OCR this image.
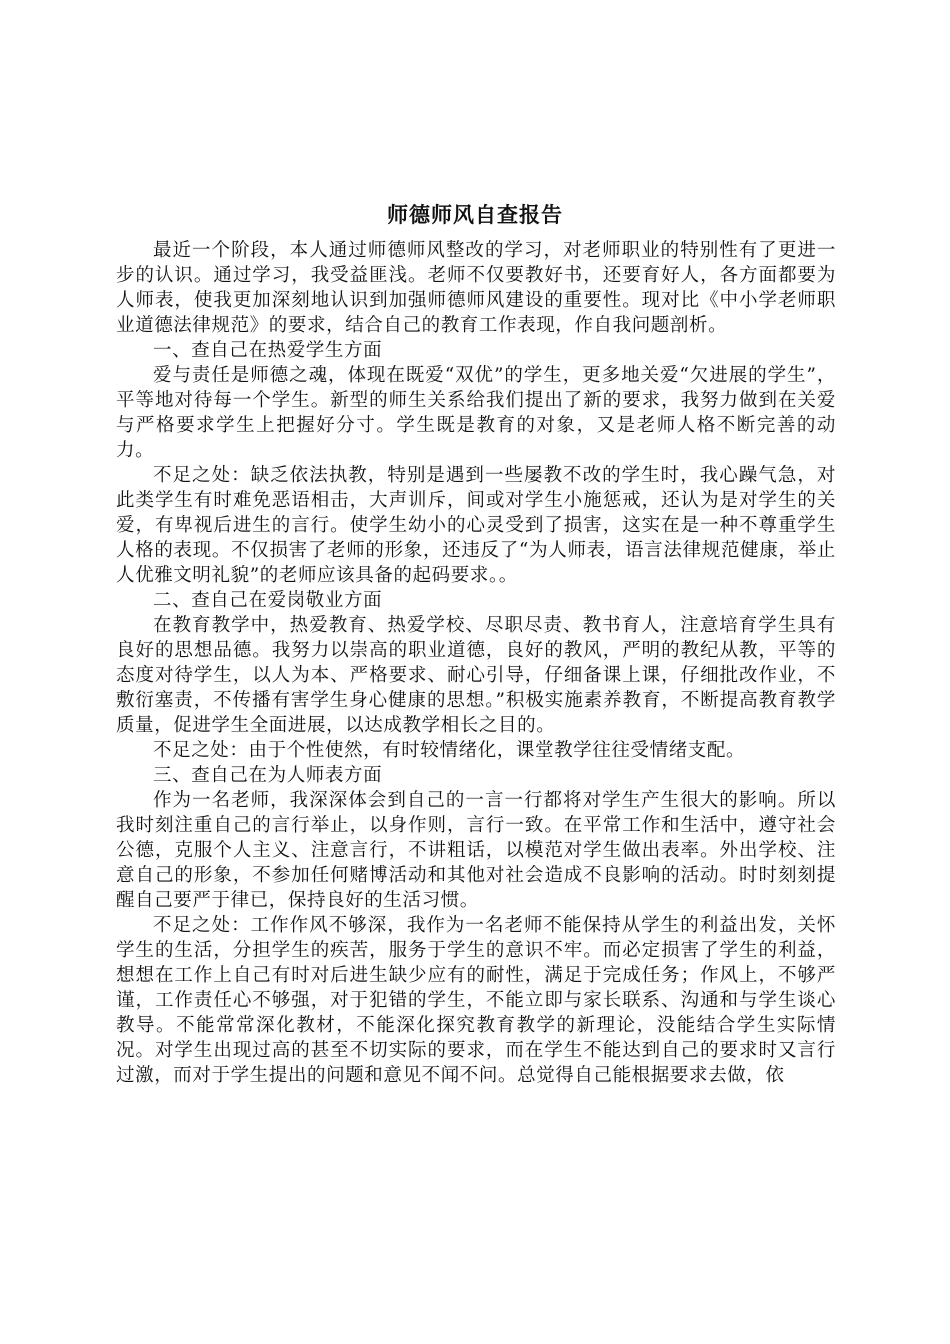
师德师风自查报告

最近一个阶段，本人通过师德师风整改的学习，对老师职业的特别性有了更进一步的认识。通过学习，我受益匪浅。老师不仅要教好书，还要育好人，各方面都要为人师表，使我更加深刻地认识到加强师德师风建设的重要性。现对比《中小学老师职业道德法律规范》的要求，结合自己的教育工作表现，作自我问题剖析。

一、查自己在热爱学生方面

爱与责任是师德之魂，体现在既爱“双优”的学生，更多地关爱“欠进展的学生”，平等地对待每一个学生。新型的师生关系给我们提出了新的要求，我努力做到在关爱与严格要求学生上把握好分寸。学生既是教育的对象，又是老师人格不断完善的动力。

不足之处：缺乏依法执教，特别是遇到一些屡教不改的学生时，我心躁气急，对此类学生有时难免恶语相击，大声训斥，间或对学生小施惩戒，还认为是对学生的关爱，有卑视后进生的言行。使学生幼小的心灵受到了损害，这实在是一种不尊重学生人格的表现。不仅损害了老师的形象，还违反了“为人师表，语言法律规范健康，举止人优雅文明礼貌”的老师应该具备的起码要求。。

二、查自己在爱岗敬业方面

在教育教学中，热爱教育、热爱学校、尽职尽责、教书育人，注意培育学生具有良好的思想品德。我努力以崇高的职业道德，良好的教风，严明的教纪从教，平等的态度对待学生，以人为本、严格要求、耐心引导，仔细备课上课，仔细批改作业，不敷衍塞责，不传播有害学生身心健康的思想。”积极实施素养教育，不断提高教育教学质量，促进学生全面进展，以达成教学相长之目的。

不足之处：由于个性使然，有时较情绪化，课堂教学往往受情绪支配。

三、查自己在为人师表方面

作为一名老师，我深深体会到自己的一言一行都将对学生产生很大的影响。所以我时刻注重自己的言行举止，以身作则，言行一致。在平常工作和生活中，遵守社会公德，克服个人主义、注意言行，不讲粗话，以模范对学生做出表率。外出学校、注意自己的形象，不参加任何赌博活动和其他对社会造成不良影响的活动。时时刻刻提醒自己要严于律已，保持良好的生活习惯。

不足之处：工作作风不够深，我作为一名老师不能保持从学生的利益出发，关怀学生的生活，分担学生的疾苦，服务于学生的意识不牢。而必定损害了学生的利益，想想在工作上自己有时对后进生缺少应有的耐性，满足于完成任务；作风上，不够严谨，工作责任心不够强，对于犯错的学生，不能立即与家长联系、沟通和与学生谈心教导。不能常常深化教材，不能深化探究教育教学的新理论，没能结合学生实际情况。对学生出现过高的甚至不切实际的要求，而在学生不能达到自己的要求时又言行过激，而对于学生提出的问题和意见不闻不问。总觉得自己能根据要求去做，依
